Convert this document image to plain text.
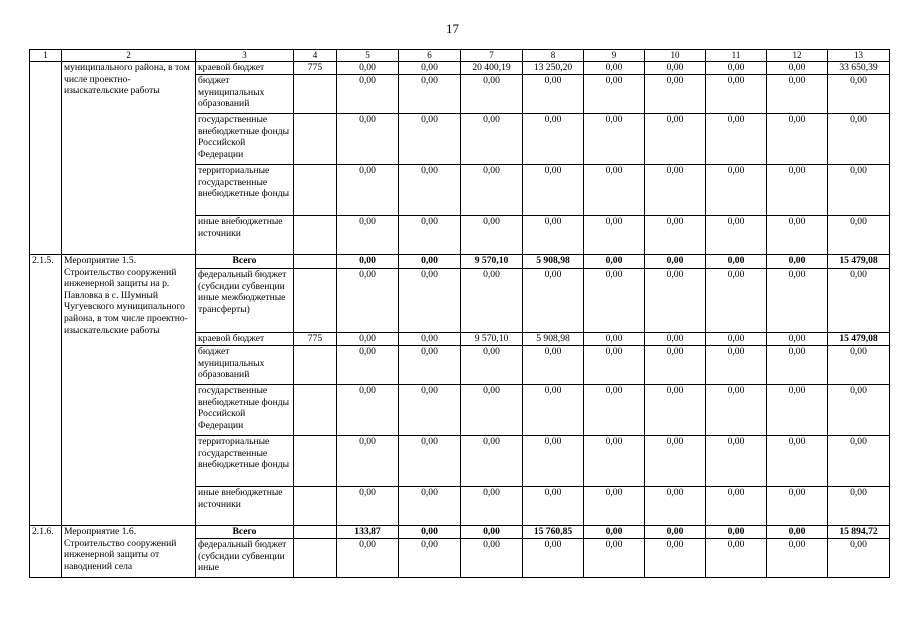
17
1	2	3	4	5	6	7	8	9	10	11	12	13
	муниципального района, в том числе проектно-изыскательские работы	краевой бюджет	775	0,00	0,00	20 400,19	13 250,20	0,00	0,00	0,00	0,00	33 650,39
		бюджет муниципальных образований		0,00	0,00	0,00	0,00	0,00	0,00	0,00	0,00	0,00
		государственные внебюджетные фонды Российской Федерации		0,00	0,00	0,00	0,00	0,00	0,00	0,00	0,00	0,00
		территориальные государственные внебюджетные фонды		0,00	0,00	0,00	0,00	0,00	0,00	0,00	0,00	0,00
		иные внебюджетные источники		0,00	0,00	0,00	0,00	0,00	0,00	0,00	0,00	0,00
2.1.5.	Мероприятие 1.5. Строительство сооружений инженерной защиты на р. Павловка в с. Шумный Чугуевского муниципального района, в том числе проектно-изыскательские работы	Всего		0,00	0,00	9 570,10	5 908,98	0,00	0,00	0,00	0,00	15 479,08
		федеральный бюджет (субсидии субвенции иные межбюджетные трансферты)		0,00	0,00	0,00	0,00	0,00	0,00	0,00	0,00	0,00
		краевой бюджет	775	0,00	0,00	9 570,10	5 908,98	0,00	0,00	0,00	0,00	15 479,08
		бюджет муниципальных образований		0,00	0,00	0,00	0,00	0,00	0,00	0,00	0,00	0,00
		государственные внебюджетные фонды Российской Федерации		0,00	0,00	0,00	0,00	0,00	0,00	0,00	0,00	0,00
		территориальные государственные внебюджетные фонды		0,00	0,00	0,00	0,00	0,00	0,00	0,00	0,00	0,00
		иные внебюджетные источники		0,00	0,00	0,00	0,00	0,00	0,00	0,00	0,00	0,00
2.1.6.	Мероприятие 1.6. Строительство сооружений инженерной защиты от наводнений села	Всего		133,87	0,00	0,00	15 760,85	0,00	0,00	0,00	0,00	15 894,72
		федеральный бюджет (субсидии субвенции иные		0,00	0,00	0,00	0,00	0,00	0,00	0,00	0,00	0,00
